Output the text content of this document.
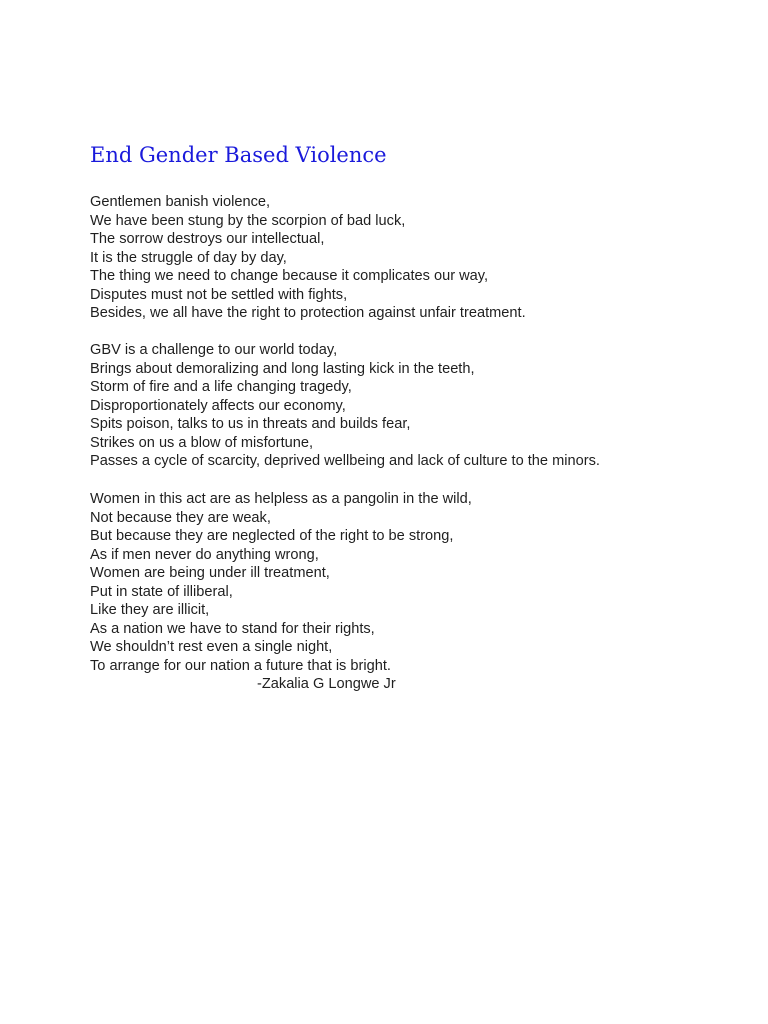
End Gender Based Violence

Gentlemen banish violence,
We have been stung by the scorpion of bad luck,
The sorrow destroys our intellectual,
It is the struggle of day by day,
The thing we need to change because it complicates our way,
Disputes must not be settled with fights,
Besides, we all have the right to protection against unfair treatment.

GBV is a challenge to our world today,
Brings about demoralizing and long lasting kick in the teeth,
Storm of fire and a life changing tragedy,
Disproportionately affects our economy,
Spits poison, talks to us in threats and builds fear,
Strikes on us a blow of misfortune,
Passes a cycle of scarcity, deprived wellbeing and lack of culture to the minors.

Women in this act are as helpless as a pangolin in the wild,
Not because they are weak,
But because they are neglected of the right to be strong,
As if men never do anything wrong,
Women are being under ill treatment,
Put in state of illiberal,
Like they are illicit,
As a nation we have to stand for their rights,
We shouldn’t rest even a single night,
To arrange for our nation a future that is bright.

-Zakalia G Longwe Jr
